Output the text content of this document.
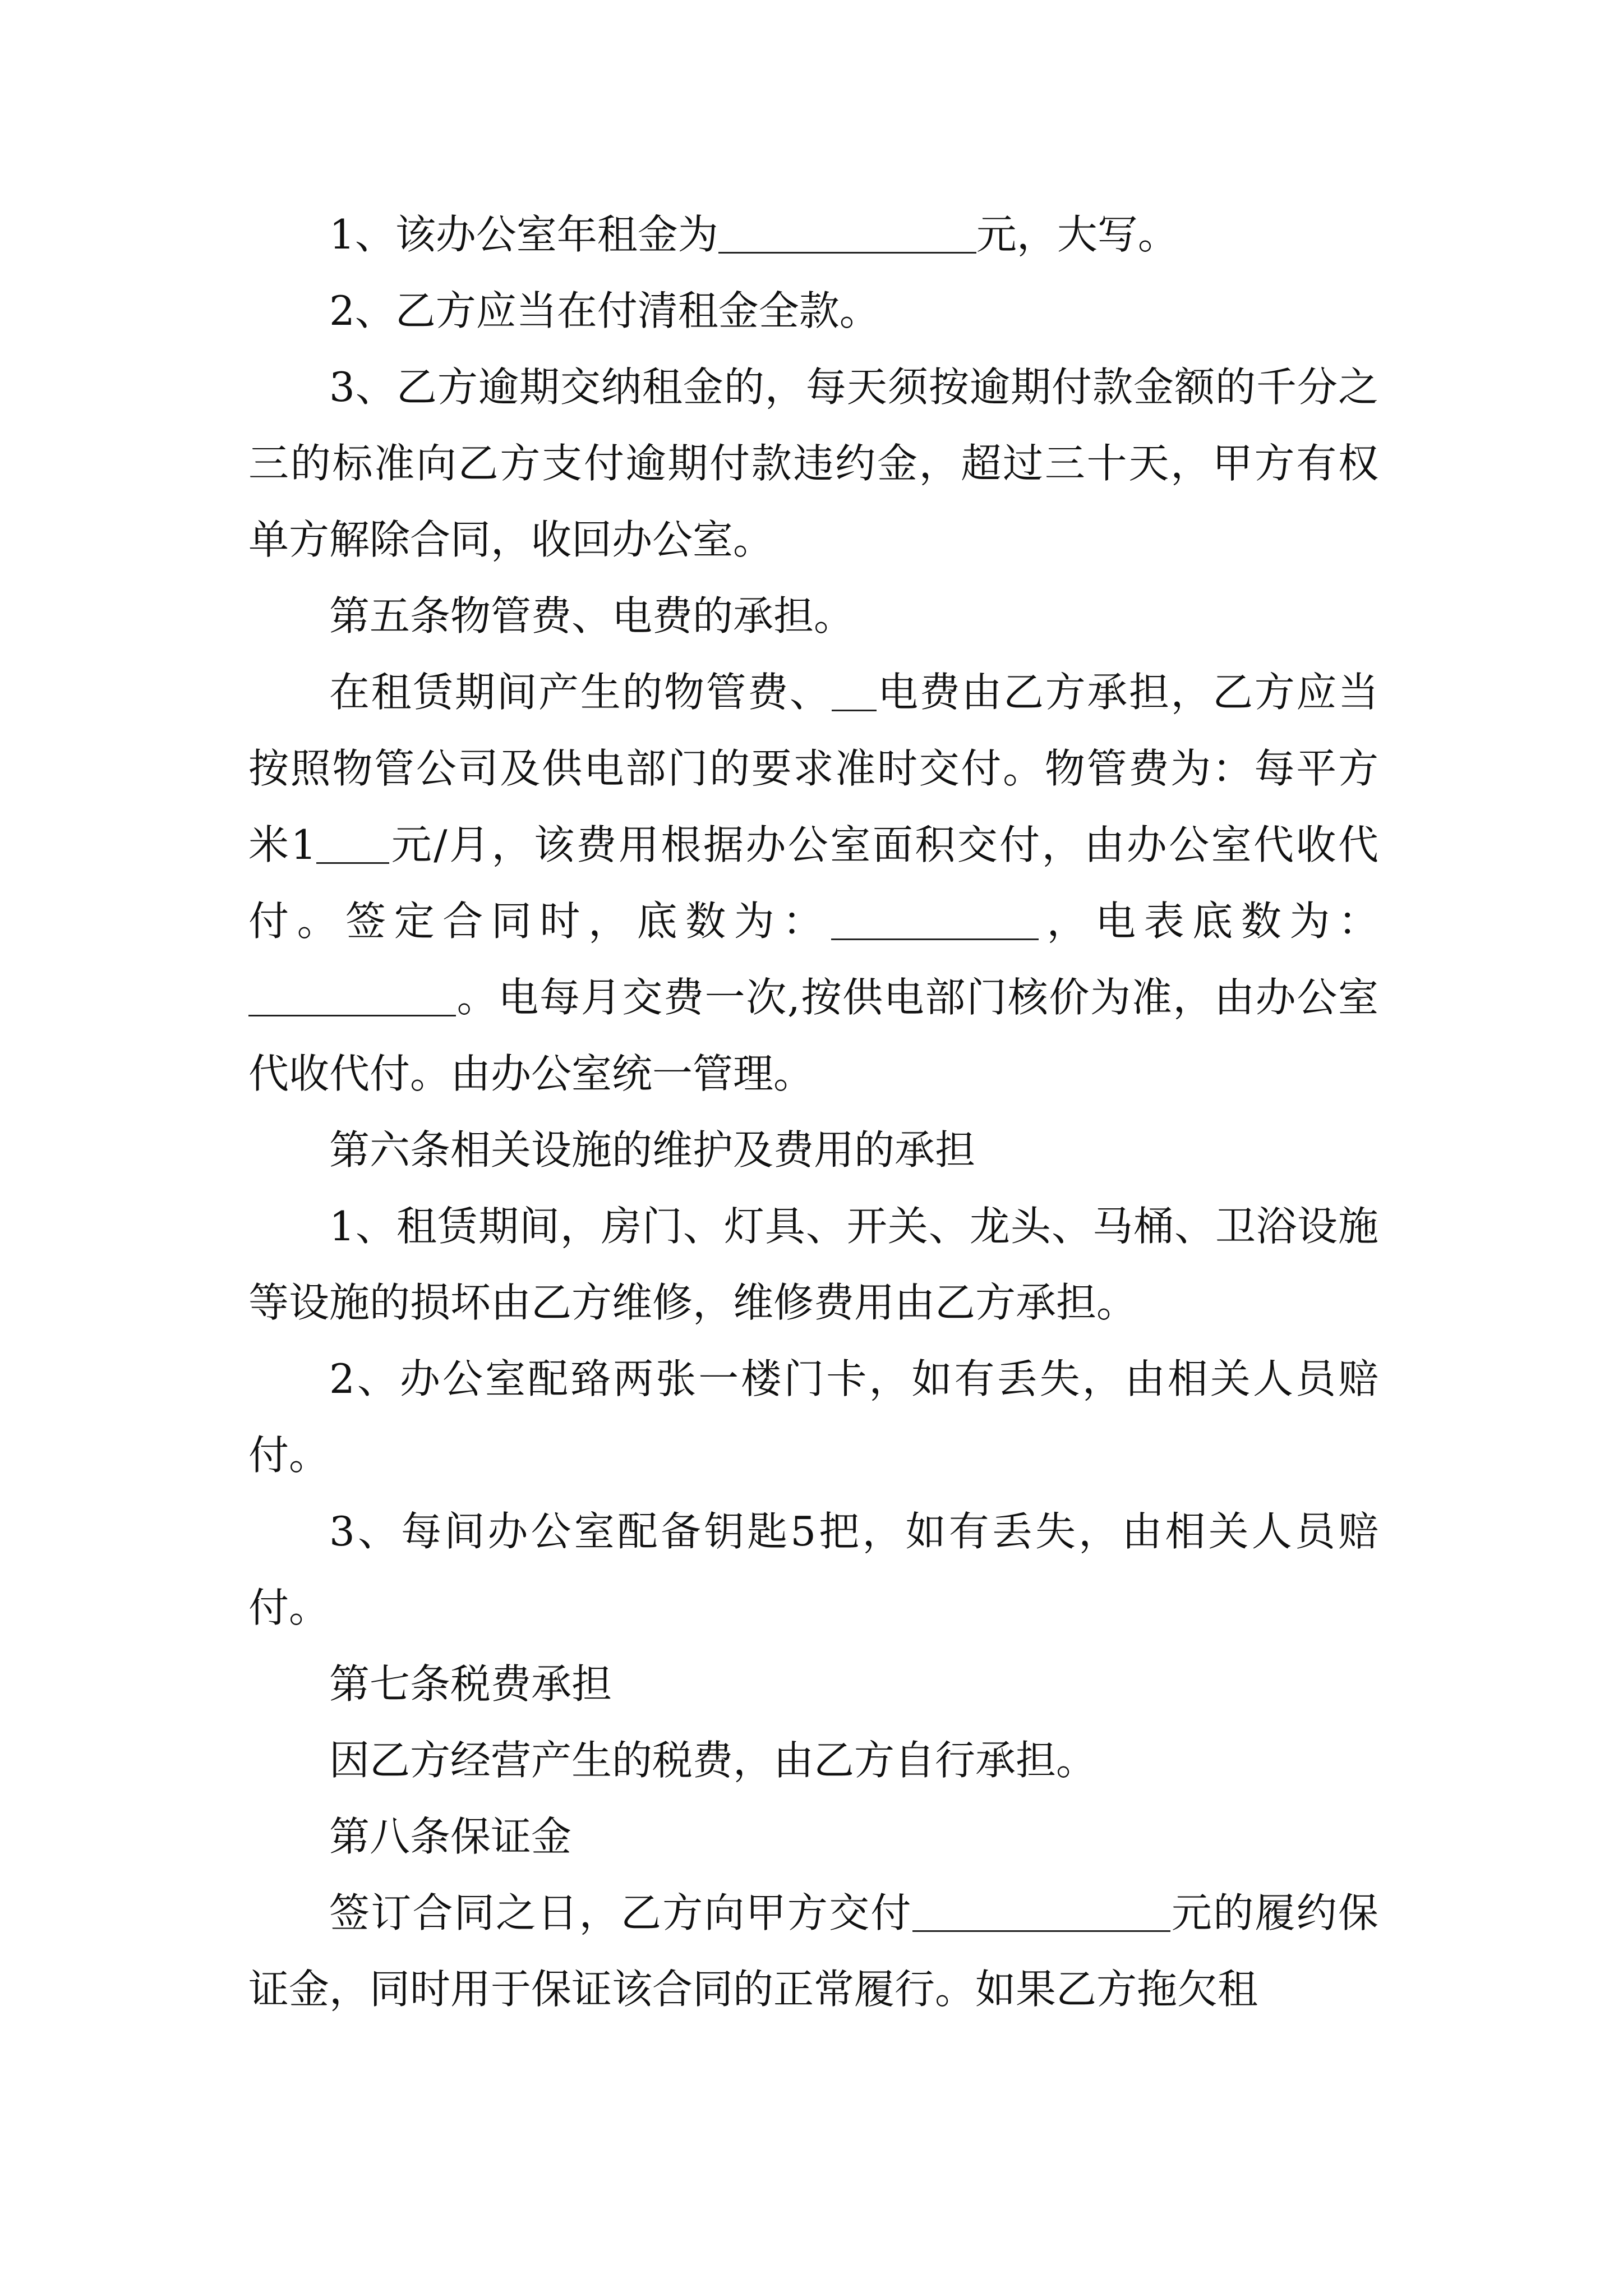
1、该办公室年租金为	元，大写。

2、乙方应当在付清租金全款。

3、乙方逾期交纳租金的，每天须按逾期付款金额的千分之三的标准向乙方支付逾期付款违约金，超过三十天，甲方有权单方解除合同，收回办公室。

第五条物管费、电费的承担。

在租赁期间产生的物管费、 电费由乙方承担，乙方应当按照物管公司及供电部门的要求准时交付。物管费为：每平方米1 元/月，该费用根据办公室面积交付，由办公室代收代付。签定合同时，底数为：	，电表底数为：。电每月交费一次,按供电部门核价为准，由办公室代收代付。由办公室统一管理。

第六条相关设施的维护及费用的承担

1、租赁期间，房门、灯具、开关、龙头、马桶、卫浴设施等设施的损坏由乙方维修，维修费用由乙方承担。

2、办公室配臵两张一楼门卡，如有丢失，由相关人员赔付。

3、每间办公室配备钥匙5把，如有丢失，由相关人员赔付。

第七条税费承担

因乙方经营产生的税费，由乙方自行承担。

第八条保证金

签订合同之日，乙方向甲方交付	元的履约保证金，同时用于保证该合同的正常履行。如果乙方拖欠租
